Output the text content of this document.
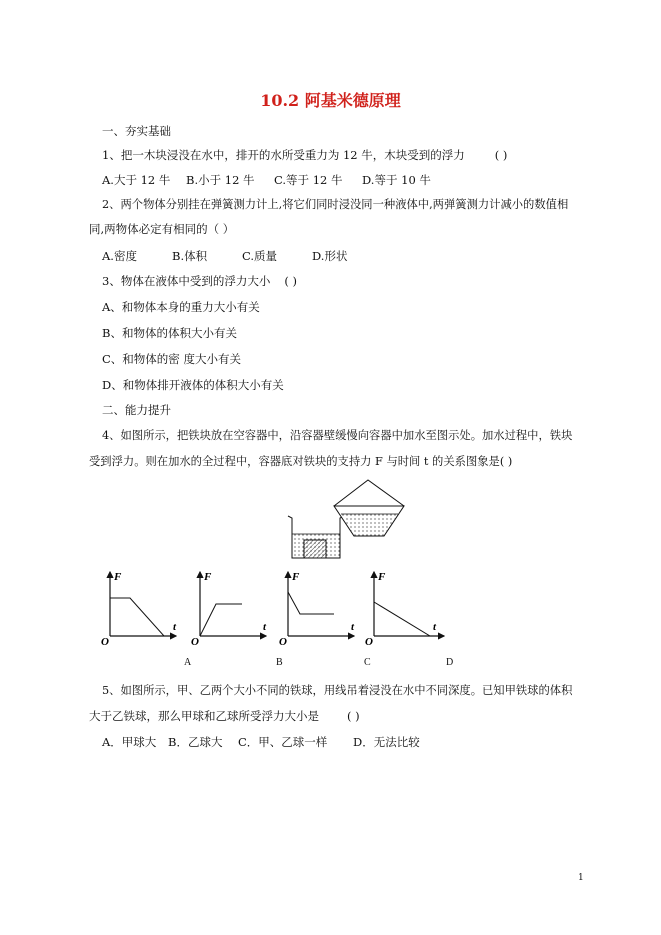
10.2 阿基米德原理
一、夯实基础
1、把一木块浸没在水中，排开的水所受重力为 12 牛，木块受到的浮力	( )
A.大于 12 牛 B.小于 12 牛 C.等于 12 牛 D.等于 10 牛
2、两个物体分别挂在弹簧测力计上,将它们同时浸没同一种液体中,两弹簧测力计减小的数值相
同,两物体必定有相同的（ ）
A.密度	B.体积	C.质量	D.形状
3、物体在液体中受到的浮力大小 ( )
A、和物体本身的重力大小有关
B、和物体的体积大小有关
C、和物体的密 度大小有关
D、和物体排开液体的体积大小有关
二、能力提升
4、如图所示，把铁块放在空容器中，沿容器壁缓慢向容器中加水至图示处。加水过程中，铁块
受到浮力。则在加水的全过程中，容器底对铁块的支持力 F 与时间 t 的关系图象是( )
F
t
O
F
t
O
F
t
O
F
t
O
A	B	C	D
5、如图所示，甲、乙两个大小不同的铁球，用线吊着浸没在水中不同深度。已知甲铁球的体积
大于乙铁球，那么甲球和乙球所受浮力大小是 ( )
A．甲球大 B．乙球大 C．甲、乙球一样 D．无法比较
1
